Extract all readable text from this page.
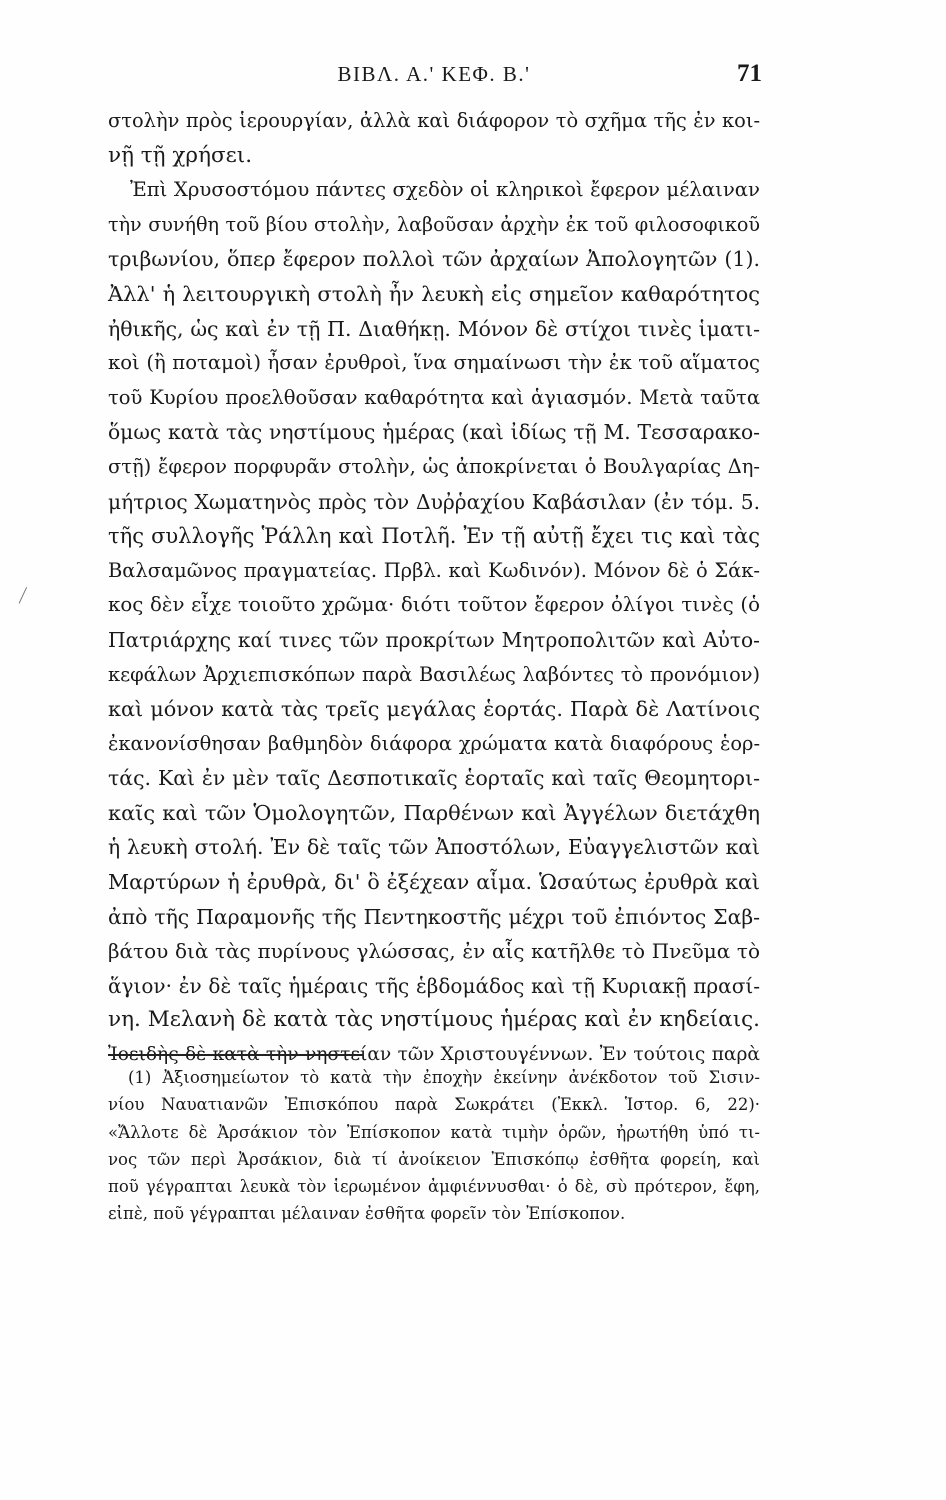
ΒΙΒΛ. Α.' ΚΕΦ. Β.'	71
στολὴν πρὸς ἱερουργίαν, ἀλλὰ καὶ διάφορον τὸ σχῆμα τῆς ἐν κοι-
νῇ τῇ χρήσει.
Ἐπὶ Χρυσοστόμου πάντες σχεδὸν οἱ κληρικοὶ ἔφερον μέλαιναν
τὴν συνήθη τοῦ βίου στολὴν, λαβοῦσαν ἀρχὴν ἐκ τοῦ φιλοσοφικοῦ
τριβωνίου, ὅπερ ἔφερον πολλοὶ τῶν ἀρχαίων Ἀπολογητῶν (1).
Ἀλλ' ἡ λειτουργικὴ στολὴ ἦν λευκὴ εἰς σημεῖον καθαρότητος
ἠθικῆς, ὡς καὶ ἐν τῇ Π. Διαθήκῃ. Μόνον δὲ στίχοι τινὲς ἱματι-
κοὶ (ἢ ποταμοὶ) ἦσαν ἐρυθροὶ, ἵνα σημαίνωσι τὴν ἐκ τοῦ αἵματος
τοῦ Κυρίου προελθοῦσαν καθαρότητα καὶ ἁγιασμόν. Μετὰ ταῦτα
ὅμως κατὰ τὰς νηστίμους ἡμέρας (καὶ ἰδίως τῇ Μ. Τεσσαρακο-
στῇ) ἔφερον πορφυρᾶν στολὴν, ὡς ἀποκρίνεται ὁ Βουλγαρίας Δη-
μήτριος Χωματηνὸς πρὸς τὸν Δυῤῥαχίου Καβάσιλαν (ἐν τόμ. 5.
τῆς συλλογῆς Ῥάλλη καὶ Ποτλῆ. Ἐν τῇ αὐτῇ ἔχει τις καὶ τὰς
Βαλσαμῶνος πραγματείας. Πρβλ. καὶ Κωδινόν). Μόνον δὲ ὁ Σάκ-
κος δὲν εἶχε τοιοῦτο χρῶμα· διότι τοῦτον ἔφερον ὀλίγοι τινὲς (ὁ
Πατριάρχης καί τινες τῶν προκρίτων Μητροπολιτῶν καὶ Αὐτο-
κεφάλων Ἀρχιεπισκόπων παρὰ Βασιλέως λαβόντες τὸ προνόμιον)
καὶ μόνον κατὰ τὰς τρεῖς μεγάλας ἑορτάς. Παρὰ δὲ Λατίνοις
ἐκανονίσθησαν βαθμηδὸν διάφορα χρώματα κατὰ διαφόρους ἑορ-
τάς. Καὶ ἐν μὲν ταῖς Δεσποτικαῖς ἑορταῖς καὶ ταῖς Θεομητορι-
καῖς καὶ τῶν Ὁμολογητῶν, Παρθένων καὶ Ἀγγέλων διετάχθη
ἡ λευκὴ στολή. Ἐν δὲ ταῖς τῶν Ἀποστόλων, Εὐαγγελιστῶν καὶ
Μαρτύρων ἡ ἐρυθρὰ, δι' ὃ ἐξέχεαν αἷμα. Ὡσαύτως ἐρυθρὰ καὶ
ἀπὸ τῆς Παραμονῆς τῆς Πεντηκοστῆς μέχρι τοῦ ἐπιόντος Σαβ-
βάτου διὰ τὰς πυρίνους γλώσσας, ἐν αἷς κατῆλθε τὸ Πνεῦμα τὸ
ἅγιον· ἐν δὲ ταῖς ἡμέραις τῆς ἑβδομάδος καὶ τῇ Κυριακῇ πρασί-
νη. Μελανὴ δὲ κατὰ τὰς νηστίμους ἡμέρας καὶ ἐν κηδείαις.
Ἰοειδὴς δὲ κατὰ τὴν νηστείαν τῶν Χριστουγέννων. Ἐν τούτοις παρὰ
(1) Ἀξιοσημείωτον τὸ κατὰ τὴν ἐποχὴν ἐκείνην ἀνέκδοτον τοῦ Σισιν-
νίου Ναυατιανῶν Ἐπισκόπου παρὰ Σωκράτει (Ἐκκλ. Ἱστορ. 6, 22)·
«Ἄλλοτε δὲ Ἀρσάκιον τὸν Ἐπίσκοπον κατὰ τιμὴν ὁρῶν, ἠρωτήθη ὑπό τι-
νος τῶν περὶ Ἀρσάκιον, διὰ τί ἀνοίκειον Ἐπισκόπῳ ἐσθῆτα φορείη, καὶ
ποῦ γέγραπται λευκὰ τὸν ἱερωμένον ἀμφιέννυσθαι· ὁ δὲ, σὺ πρότερον, ἔφη,
εἰπὲ, ποῦ γέγραπται μέλαιναν ἐσθῆτα φορεῖν τὸν Ἐπίσκοπον.
